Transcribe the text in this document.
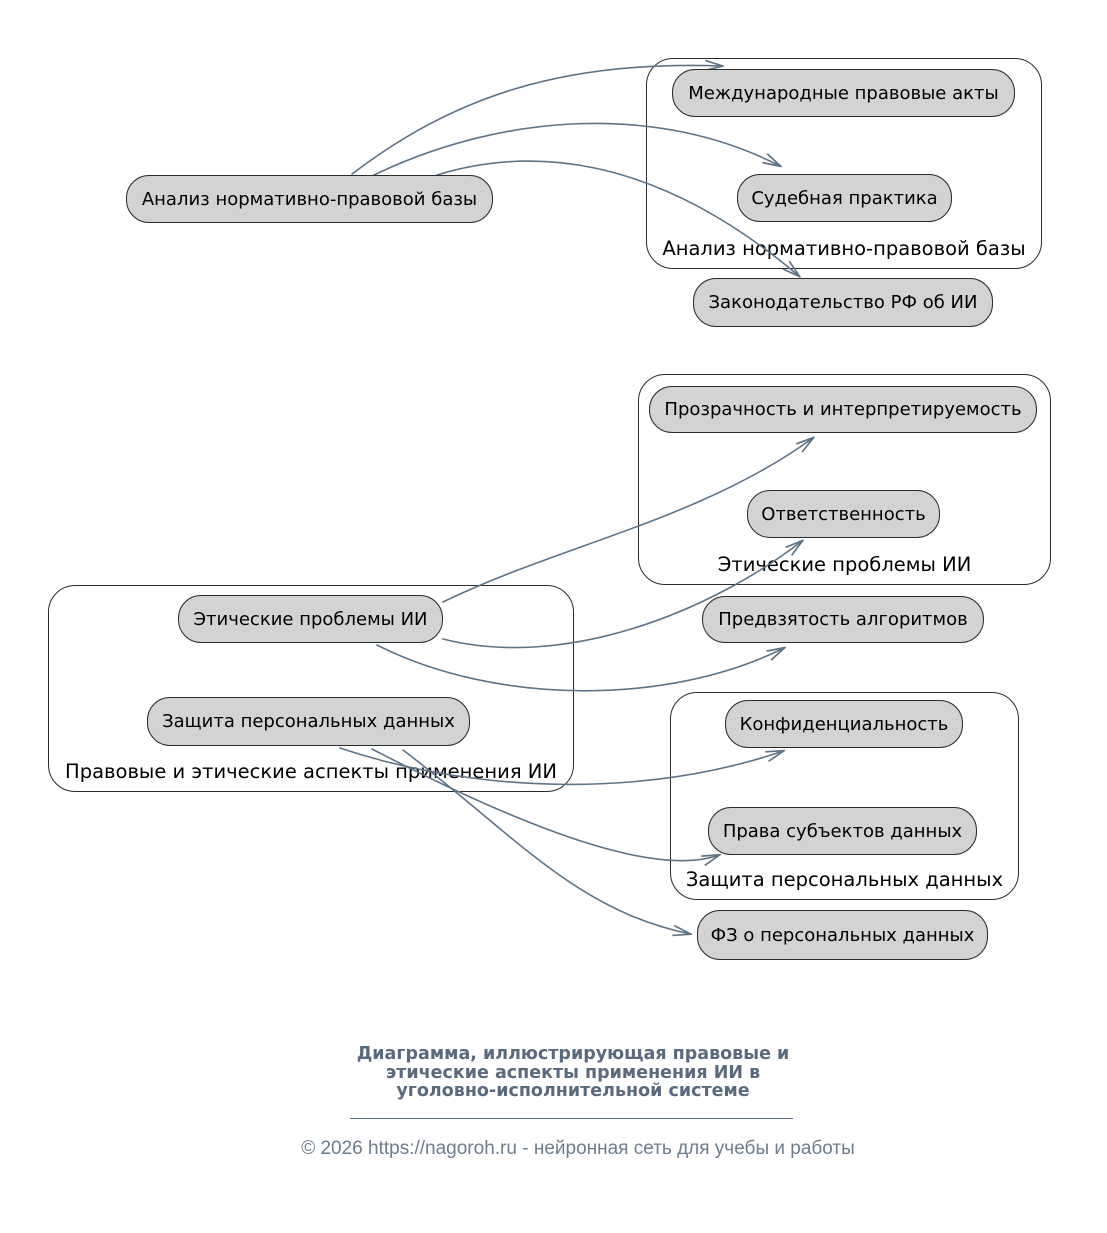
Анализ нормативно-правовой базы
Этические проблемы ИИ
Правовые и этические аспекты применения ИИ
Защита персональных данных
Анализ нормативно-правовой базы
Международные правовые акты
Судебная практика
Законодательство РФ об ИИ
Прозрачность и интерпретируемость
Ответственность
Предвзятость алгоритмов
Этические проблемы ИИ
Защита персональных данных	Конфиденциальность
Права субъектов данных
ФЗ о персональных данных
Диаграмма, иллюстрирующая правовые и
этические аспекты применения ИИ в
уголовно-исполнительной системе
© 2026 https://nagoroh.ru - нейронная сеть для учебы и работы
